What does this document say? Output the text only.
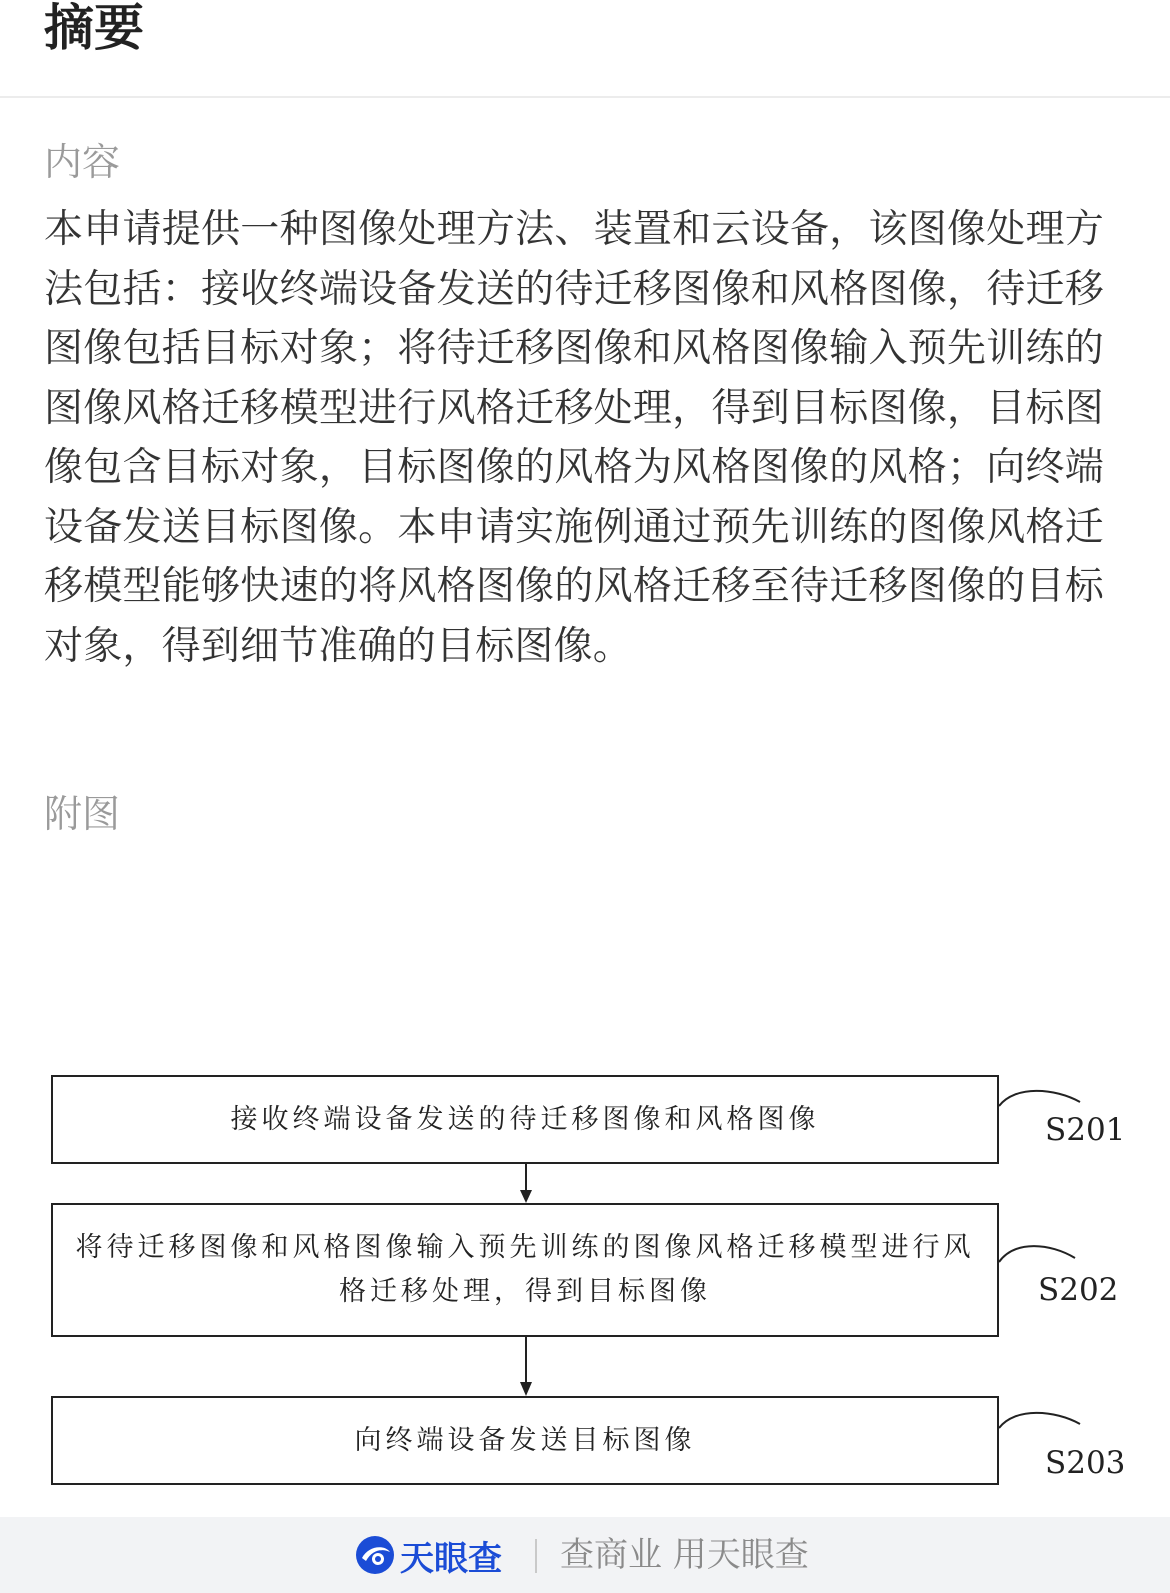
摘要
内容
本申请提供一种图像处理方法、装置和云设备，该图像处理方法包括：接收终端设备发送的待迁移图像和风格图像，待迁移图像包括目标对象；将待迁移图像和风格图像输入预先训练的图像风格迁移模型进行风格迁移处理，得到目标图像，目标图像包含目标对象，目标图像的风格为风格图像的风格；向终端设备发送目标图像。本申请实施例通过预先训练的图像风格迁移模型能够快速的将风格图像的风格迁移至待迁移图像的目标对象，得到细节准确的目标图像。
附图
接收终端设备发送的待迁移图像和风格图像	S201
将待迁移图像和风格图像输入预先训练的图像风格迁移模型进行风格迁移处理，得到目标图像	S202
向终端设备发送目标图像
S203
天眼查 查商业 用天眼查
